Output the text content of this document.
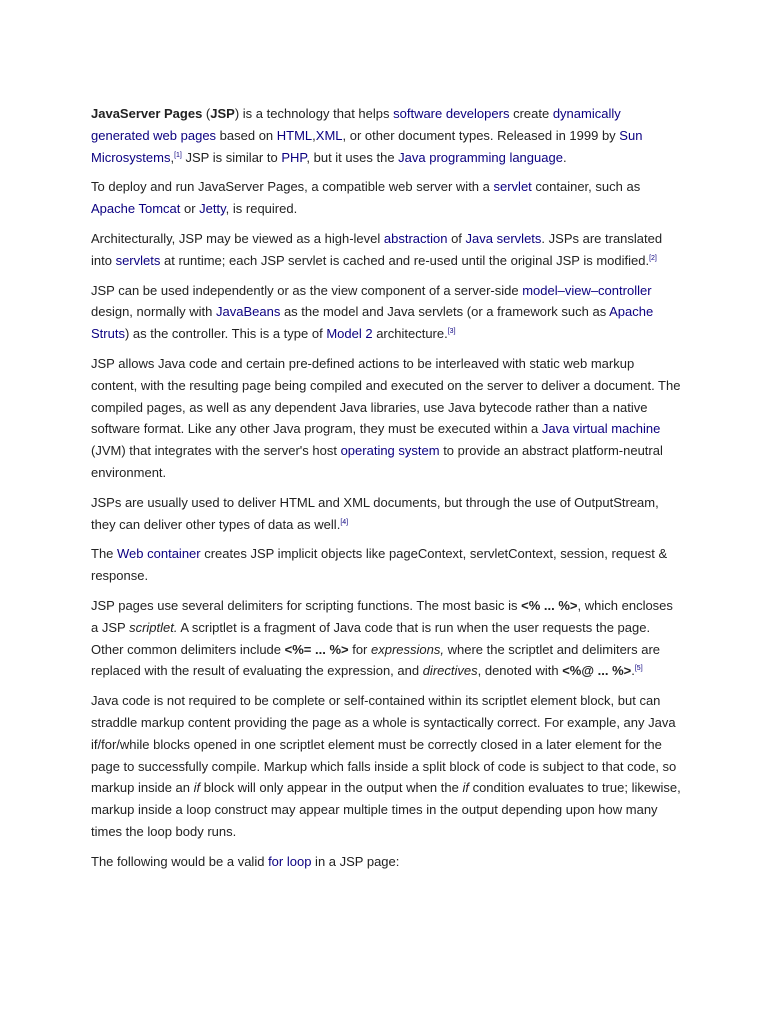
JavaServer Pages (JSP) is a technology that helps software developers create dynamically generated web pages based on HTML,XML, or other document types. Released in 1999 by Sun Microsystems,[1] JSP is similar to PHP, but it uses the Java programming language.

To deploy and run JavaServer Pages, a compatible web server with a servlet container, such as Apache Tomcat or Jetty, is required.

Architecturally, JSP may be viewed as a high-level abstraction of Java servlets. JSPs are translated into servlets at runtime; each JSP servlet is cached and re-used until the original JSP is modified.[2]

JSP can be used independently or as the view component of a server-side model–view–controller design, normally with JavaBeans as the model and Java servlets (or a framework such as Apache Struts) as the controller. This is a type of Model 2 architecture.[3]

JSP allows Java code and certain pre-defined actions to be interleaved with static web markup content, with the resulting page being compiled and executed on the server to deliver a document. The compiled pages, as well as any dependent Java libraries, use Java bytecode rather than a native software format. Like any other Java program, they must be executed within a Java virtual machine (JVM) that integrates with the server's host operating system to provide an abstract platform-neutral environment.

JSPs are usually used to deliver HTML and XML documents, but through the use of OutputStream, they can deliver other types of data as well.[4]

The Web container creates JSP implicit objects like pageContext, servletContext, session, request & response.

JSP pages use several delimiters for scripting functions. The most basic is <% ... %>, which encloses a JSP scriptlet. A scriptlet is a fragment of Java code that is run when the user requests the page. Other common delimiters include <%= ... %> for expressions, where the scriptlet and delimiters are replaced with the result of evaluating the expression, and directives, denoted with <%@ ... %>.[5]

Java code is not required to be complete or self-contained within its scriptlet element block, but can straddle markup content providing the page as a whole is syntactically correct. For example, any Java if/for/while blocks opened in one scriptlet element must be correctly closed in a later element for the page to successfully compile. Markup which falls inside a split block of code is subject to that code, so markup inside an if block will only appear in the output when the if condition evaluates to true; likewise, markup inside a loop construct may appear multiple times in the output depending upon how many times the loop body runs.

The following would be a valid for loop in a JSP page:
